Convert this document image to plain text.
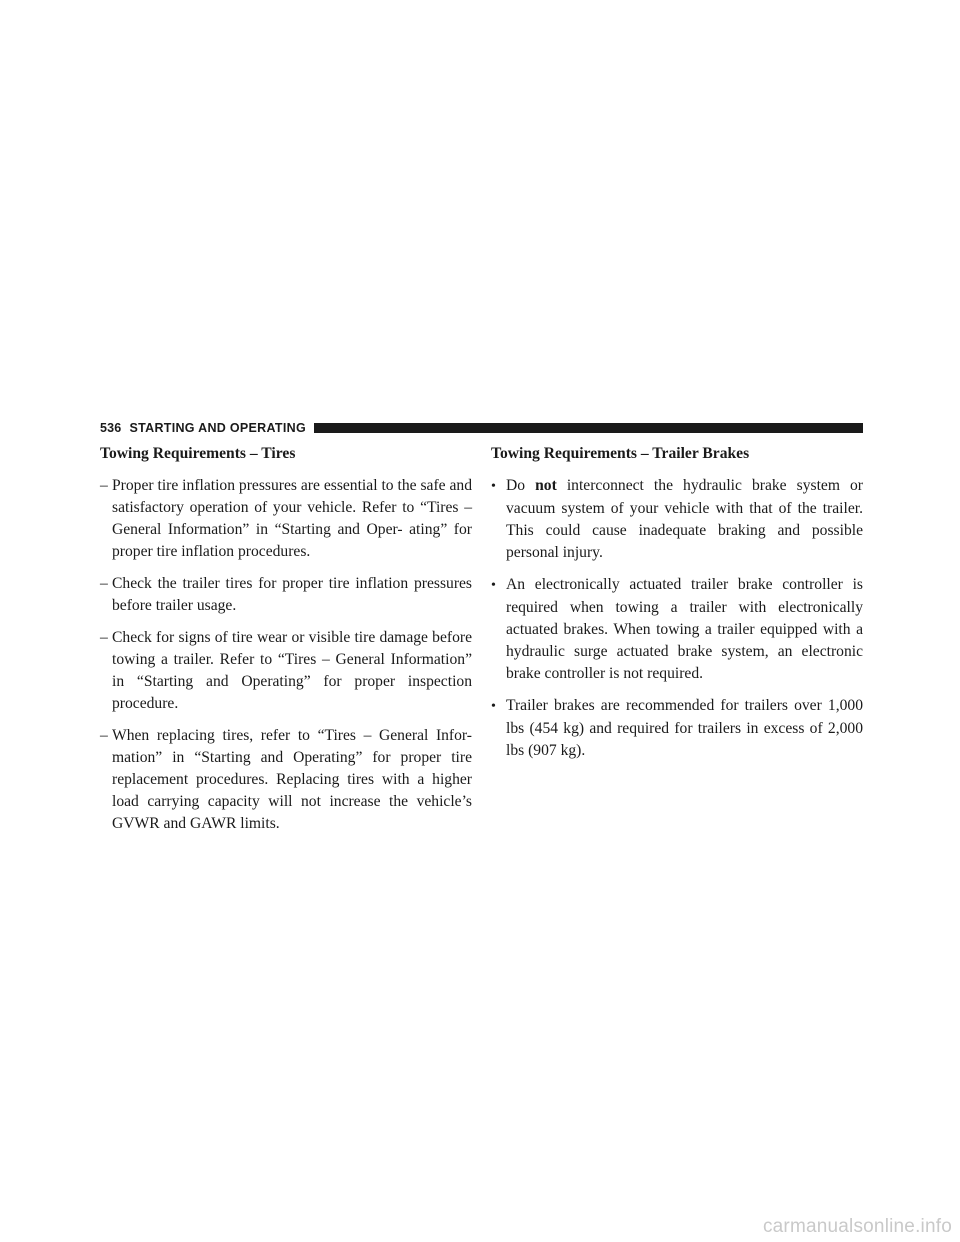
536 STARTING AND OPERATING
Towing Requirements – Tires
– Proper tire inflation pressures are essential to the safe and satisfactory operation of your vehicle. Refer to “Tires – General Information” in “Starting and Oper- ating” for proper tire inflation procedures.
– Check the trailer tires for proper tire inflation pressures before trailer usage.
– Check for signs of tire wear or visible tire damage before towing a trailer. Refer to “Tires – General Information” in “Starting and Operating” for proper inspection procedure.
– When replacing tires, refer to “Tires – General Infor- mation” in “Starting and Operating” for proper tire replacement procedures. Replacing tires with a higher load carrying capacity will not increase the vehicle’s GVWR and GAWR limits.
Towing Requirements – Trailer Brakes
• Do not interconnect the hydraulic brake system or vacuum system of your vehicle with that of the trailer. This could cause inadequate braking and possible personal injury.
• An electronically actuated trailer brake controller is required when towing a trailer with electronically actuated brakes. When towing a trailer equipped with a hydraulic surge actuated brake system, an electronic brake controller is not required.
• Trailer brakes are recommended for trailers over 1,000 lbs (454 kg) and required for trailers in excess of 2,000 lbs (907 kg).
carmanualsonline.info
